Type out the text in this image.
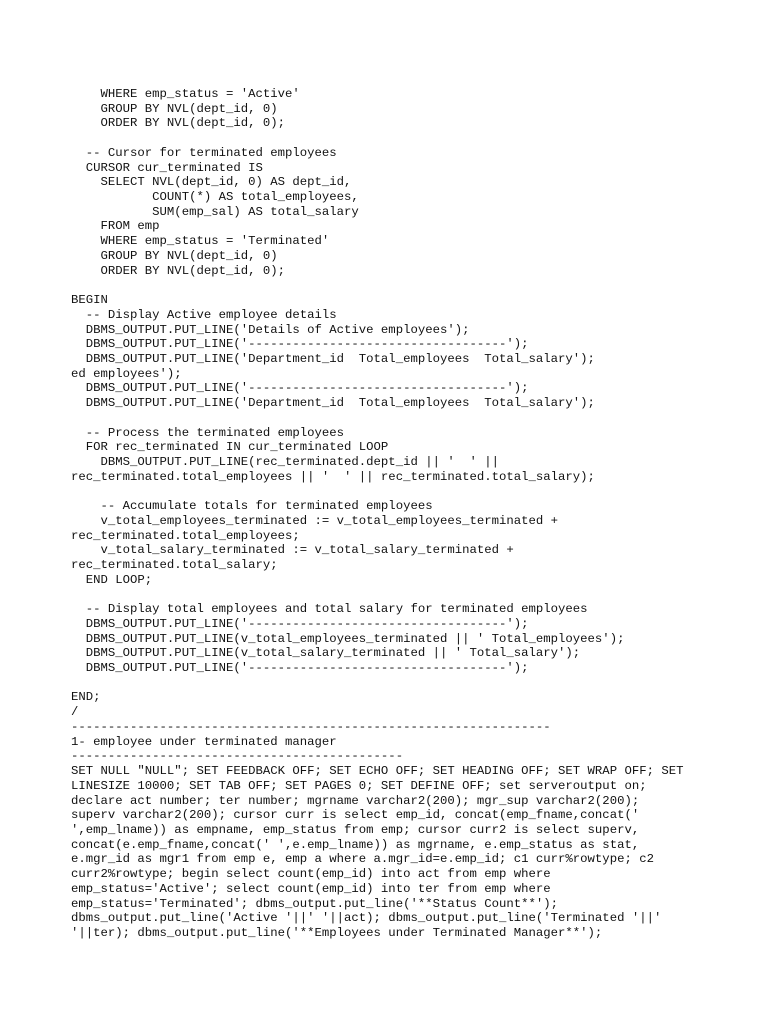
WHERE emp_status = 'Active'
GROUP BY NVL(dept_id, 0)
ORDER BY NVL(dept_id, 0);
-- Cursor for terminated employees
CURSOR cur_terminated IS
SELECT NVL(dept_id, 0) AS dept_id,
COUNT(*) AS total_employees,
SUM(emp_sal) AS total_salary
FROM emp
WHERE emp_status = 'Terminated'
GROUP BY NVL(dept_id, 0)
ORDER BY NVL(dept_id, 0);
BEGIN
-- Display Active employee details
DBMS_OUTPUT.PUT_LINE('Details of Active employees');
DBMS_OUTPUT.PUT_LINE('-----------------------------------');
DBMS_OUTPUT.PUT_LINE('Department_id  Total_employees  Total_salary');
ed employees');
DBMS_OUTPUT.PUT_LINE('-----------------------------------');
DBMS_OUTPUT.PUT_LINE('Department_id  Total_employees  Total_salary');
-- Process the terminated employees
FOR rec_terminated IN cur_terminated LOOP
DBMS_OUTPUT.PUT_LINE(rec_terminated.dept_id || '  ' ||
rec_terminated.total_employees || '  ' || rec_terminated.total_salary);
-- Accumulate totals for terminated employees
v_total_employees_terminated := v_total_employees_terminated +
rec_terminated.total_employees;
v_total_salary_terminated := v_total_salary_terminated +
rec_terminated.total_salary;
END LOOP;
-- Display total employees and total salary for terminated employees
DBMS_OUTPUT.PUT_LINE('-----------------------------------');
DBMS_OUTPUT.PUT_LINE(v_total_employees_terminated || ' Total_employees');
DBMS_OUTPUT.PUT_LINE(v_total_salary_terminated || ' Total_salary');
DBMS_OUTPUT.PUT_LINE('-----------------------------------');
END;
/
-----------------------------------------------------------------
1- employee under terminated manager
---------------------------------------------
SET NULL "NULL"; SET FEEDBACK OFF; SET ECHO OFF; SET HEADING OFF; SET WRAP OFF; SET
LINESIZE 10000; SET TAB OFF; SET PAGES 0; SET DEFINE OFF; set serveroutput on;
declare act number; ter number; mgrname varchar2(200); mgr_sup varchar2(200);
superv varchar2(200); cursor curr is select emp_id, concat(emp_fname,concat('
',emp_lname)) as empname, emp_status from emp; cursor curr2 is select superv,
concat(e.emp_fname,concat(' ',e.emp_lname)) as mgrname, e.emp_status as stat,
e.mgr_id as mgr1 from emp e, emp a where a.mgr_id=e.emp_id; c1 curr%rowtype; c2
curr2%rowtype; begin select count(emp_id) into act from emp where
emp_status='Active'; select count(emp_id) into ter from emp where
emp_status='Terminated'; dbms_output.put_line('**Status Count**');
dbms_output.put_line('Active '||' '||act); dbms_output.put_line('Terminated '||'
'||ter); dbms_output.put_line('**Employees under Terminated Manager**');
